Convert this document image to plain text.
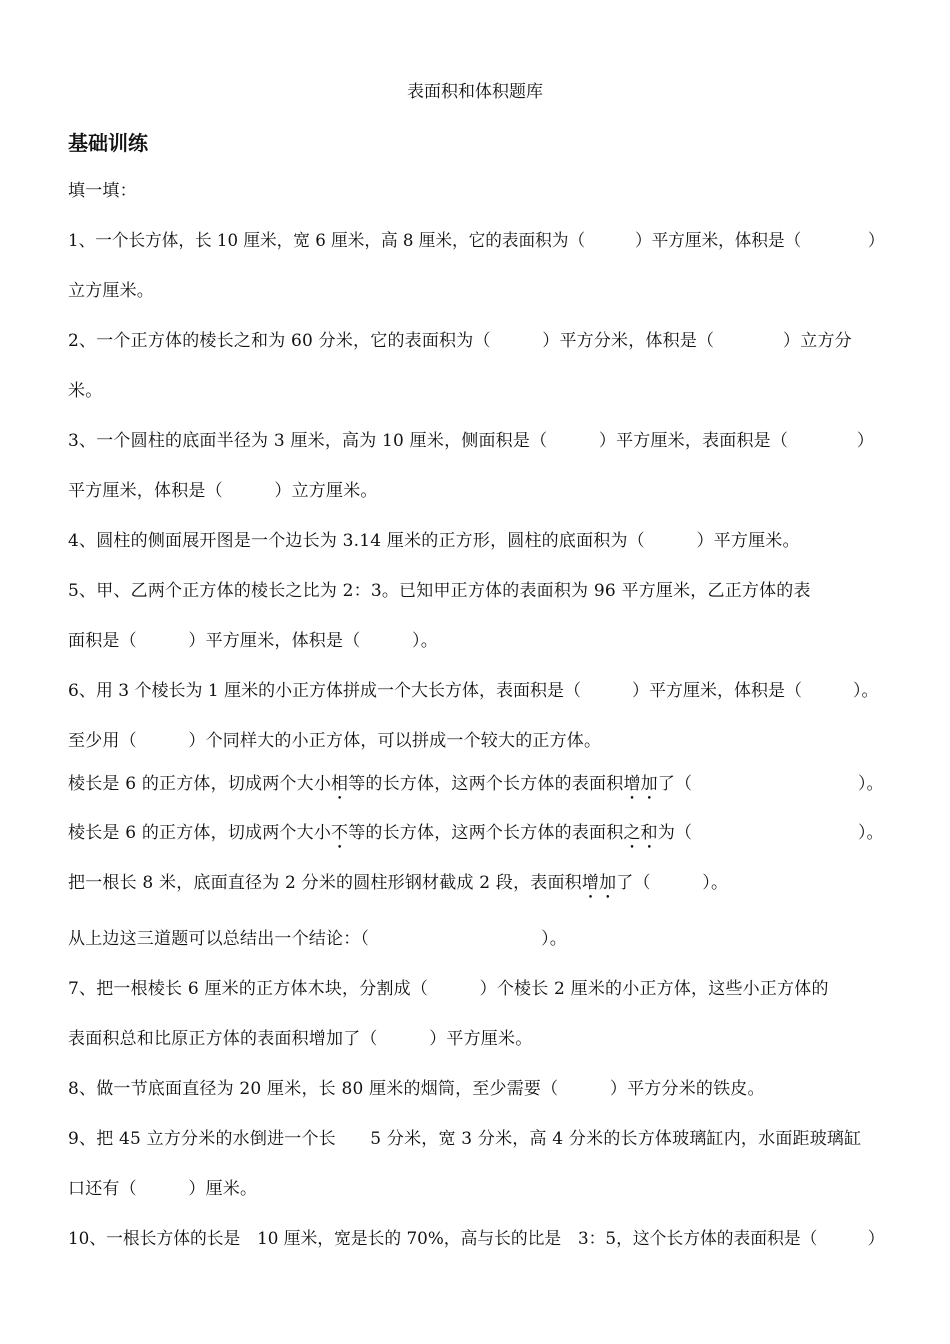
表面积和体积题库

基础训练

填一填：

1、一个长方体，长 10 厘米，宽 6 厘米，高 8 厘米，它的表面积为（　　　）平方厘米，体积是（　　　　）

立方厘米。

2、一个正方体的棱长之和为 60 分米，它的表面积为（　　　）平方分米，体积是（　　　　）立方分

米。

3、一个圆柱的底面半径为 3 厘米，高为 10 厘米，侧面积是（　　　）平方厘米，表面积是（　　　　）

平方厘米，体积是（　　　）立方厘米。

4、圆柱的侧面展开图是一个边长为 3.14 厘米的正方形，圆柱的底面积为（　　　）平方厘米。

5、甲、乙两个正方体的棱长之比为 2：3。已知甲正方体的表面积为 96 平方厘米，乙正方体的表

面积是（　　　）平方厘米，体积是（　　　）。

6、用 3 个棱长为 1 厘米的小正方体拼成一个大长方体，表面积是（　　　）平方厘米，体积是（　　　）。

至少用（　　　）个同样大的小正方体，可以拼成一个较大的正方体。

棱长是 6 的正方体，切成两个大小相等的长方体，这两个长方体的表面积增加了（	）。

棱长是 6 的正方体，切成两个大小不等的长方体，这两个长方体的表面积之和为（	）。

把一根长 8 米，底面直径为 2 分米的圆柱形钢材截成 2 段，表面积增加了（　　　）。

从上边这三道题可以总结出一个结论：（　　　　　　　　　　）。

7、把一根棱长 6 厘米的正方体木块，分割成（　　　）个棱长 2 厘米的小正方体，这些小正方体的

表面积总和比原正方体的表面积增加了（　　　）平方厘米。

8、做一节底面直径为 20 厘米，长 80 厘米的烟筒，至少需要（　　　）平方分米的铁皮。

9、把 45 立方分米的水倒进一个长　　5 分米，宽 3 分米，高 4 分米的长方体玻璃缸内，水面距玻璃缸

口还有（　　　）厘米。

10、一根长方体的长是　10 厘米，宽是长的 70%，高与长的比是　3：5，这个长方体的表面积是（　　　）
